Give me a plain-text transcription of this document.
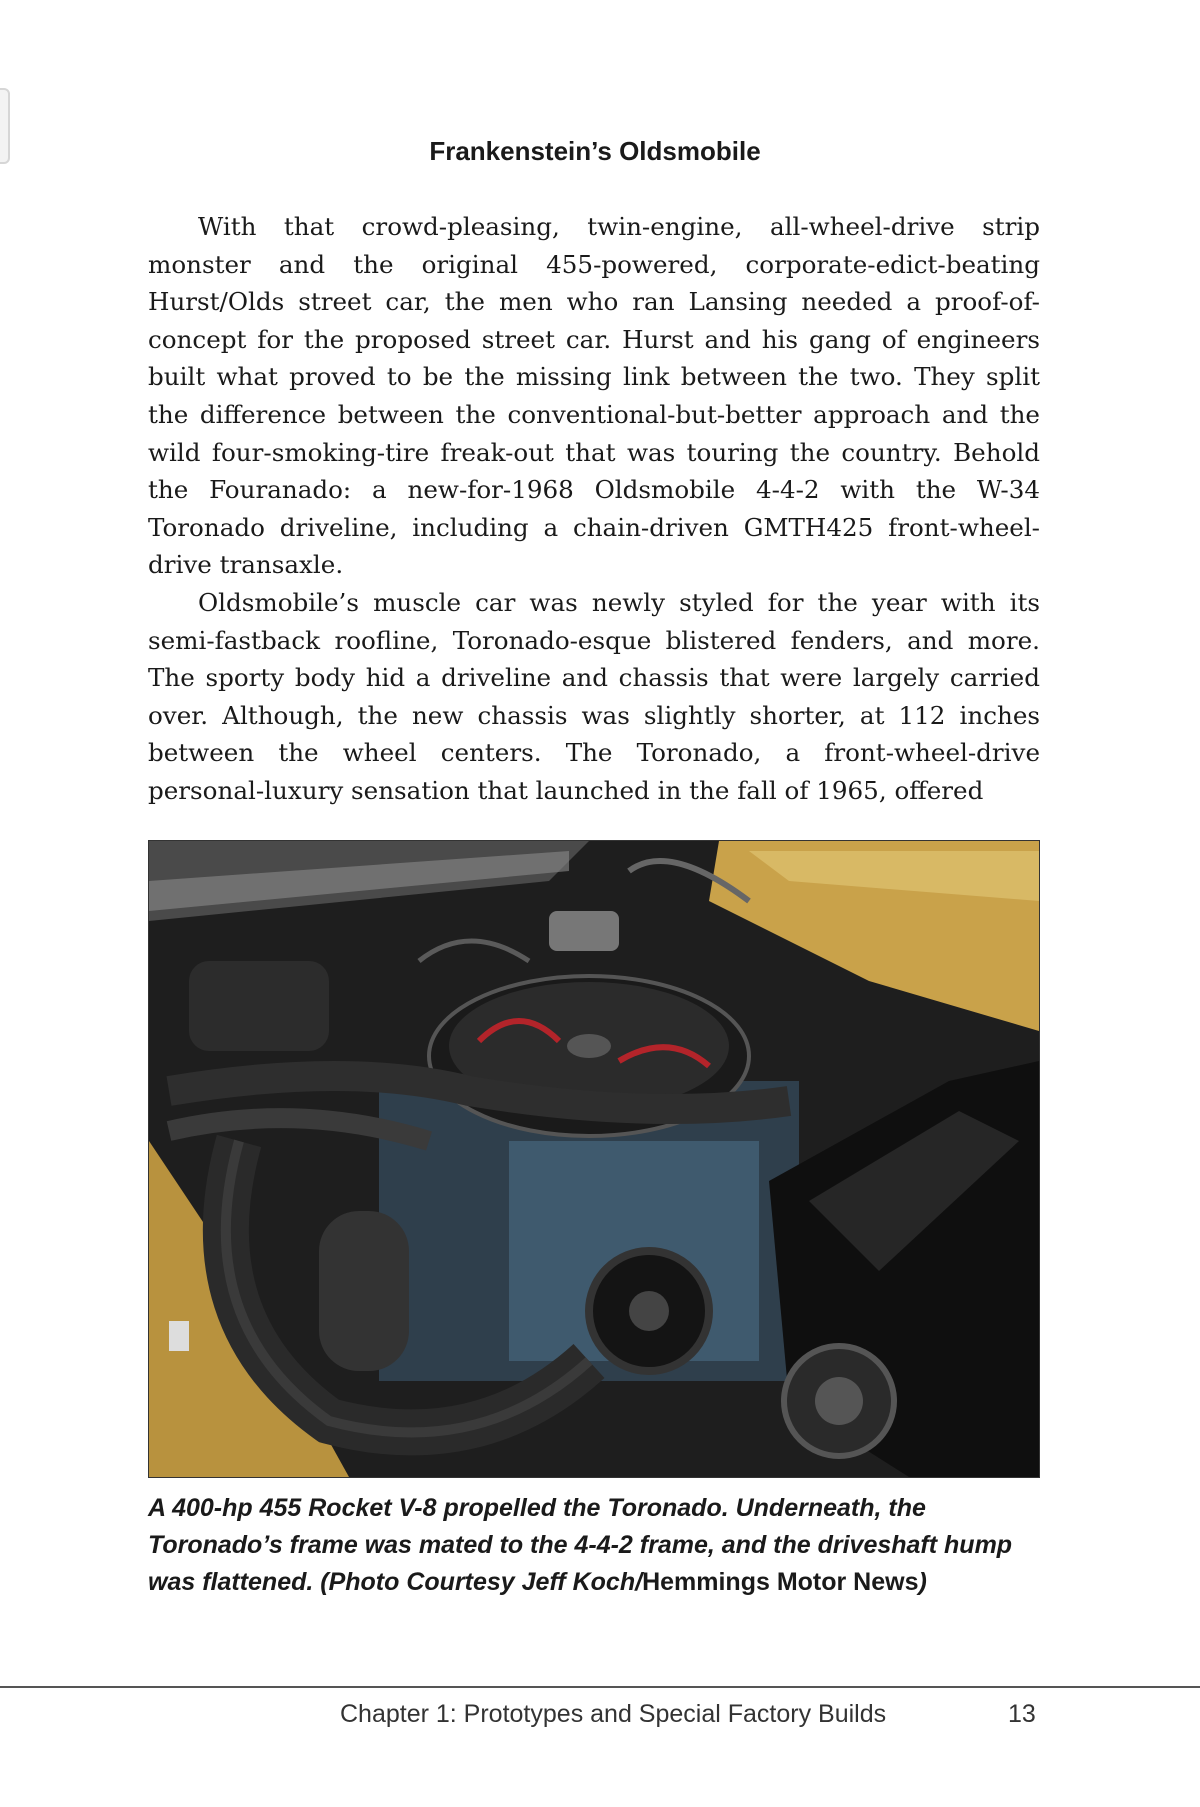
Frankenstein’s Oldsmobile

With that crowd-pleasing, twin-engine, all-wheel-drive strip monster and the original 455-powered, corporate-edict-beating Hurst/Olds street car, the men who ran Lansing needed a proof-of-concept for the proposed street car. Hurst and his gang of engineers built what proved to be the missing link between the two. They split the difference between the conventional-but-better approach and the wild four-smoking-tire freak-out that was touring the country. Behold the Fouranado: a new-for-1968 Oldsmobile 4-4-2 with the W-34 Toronado driveline, including a chain-driven GMTH425 front-wheel-drive transaxle.

Oldsmobile’s muscle car was newly styled for the year with its semi-fastback roofline, Toronado-esque blistered fenders, and more. The sporty body hid a driveline and chassis that were largely carried over. Although, the new chassis was slightly shorter, at 112 inches between the wheel centers. The Toronado, a front-wheel-drive personal-luxury sensation that launched in the fall of 1965, offered

A 400-hp 455 Rocket V-8 propelled the Toronado. Underneath, the Toronado’s frame was mated to the 4-4-2 frame, and the driveshaft hump was flattened. (Photo Courtesy Jeff Koch/Hemmings Motor News)

Chapter 1: Prototypes and Special Factory Builds	13
